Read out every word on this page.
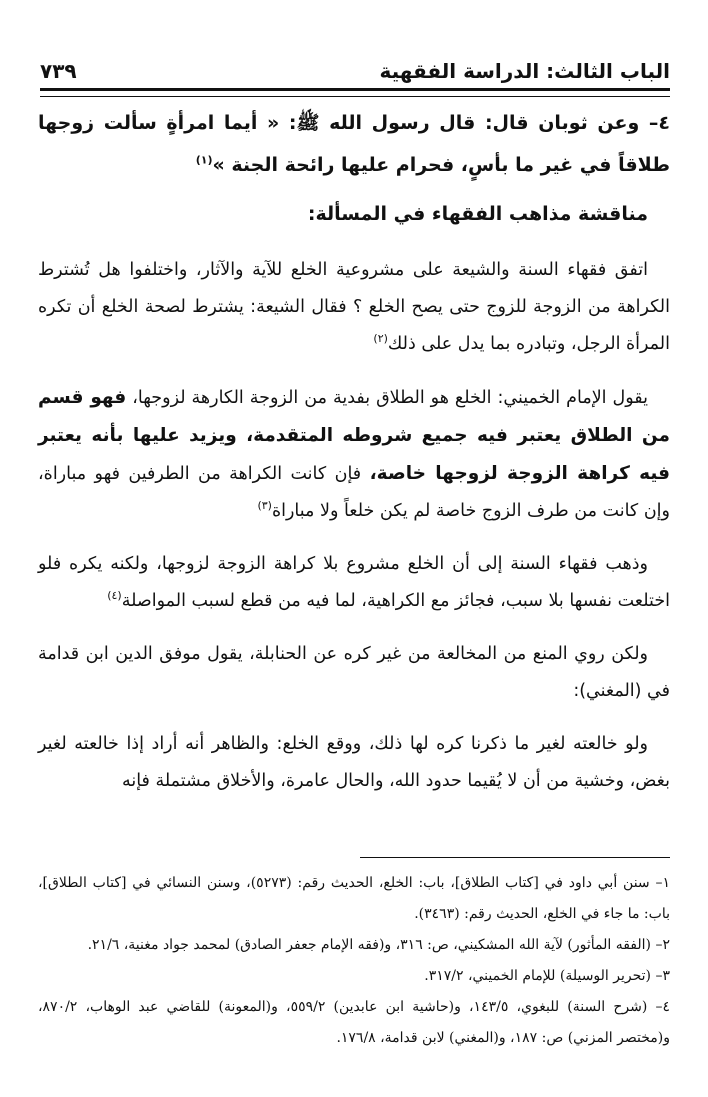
الباب الثالث: الدراسة الفقهية
٧٣٩

٤– وعن ثوبان قال: قال رسول الله ﷺ: « أيما امرأةٍ سألت زوجها طلاقاً في غير ما بأسٍ، فحرام عليها رائحة الجنة »$^{(١)}$

مناقشة مذاهب الفقهاء في المسألة:

اتفق فقهاء السنة والشيعة على مشروعية الخلع للآية والآثار، واختلفوا هل تُشترط الكراهة من الزوجة للزوج حتى يصح الخلع ؟ فقال الشيعة: يشترط لصحة الخلع أن تكره المرأة الرجل، وتبادره بما يدل على ذلك$^{(٢)}$

يقول الإمام الخميني: الخلع هو الطلاق بفدية من الزوجة الكارهة لزوجها، فهو قسم من الطلاق يعتبر فيه جميع شروطه المتقدمة، ويزيد عليها بأنه يعتبر فيه كراهة الزوجة لزوجها خاصة، فإن كانت الكراهة من الطرفين فهو مباراة، وإن كانت من طرف الزوج خاصة لم يكن خلعاً ولا مباراة$^{(٣)}$

وذهب فقهاء السنة إلى أن الخلع مشروع بلا كراهة الزوجة لزوجها، ولكنه يكره فلو اختلعت نفسها بلا سبب، فجائز مع الكراهية، لما فيه من قطع لسبب المواصلة$^{(٤)}$

ولكن روي المنع من المخالعة من غير كره عن الحنابلة، يقول موفق الدين ابن قدامة في (المغني):

ولو خالعته لغير ما ذكرنا كره لها ذلك، ووقع الخلع: والظاهر أنه أراد إذا خالعته لغير بغض، وخشية من أن لا يُقيما حدود الله، والحال عامرة، والأخلاق مشتملة فإنه

١– سنن أبي داود في [كتاب الطلاق]، باب: الخلع، الحديث رقم: (٥٢٧٣)، وسنن النسائي في [كتاب الطلاق]، باب: ما جاء في الخلع، الحديث رقم: (٣٤٦٣).

٢– (الفقه المأثور) لآية الله المشكيني، ص: ٣١٦، و(فقه الإمام جعفر الصادق) لمحمد جواد مغنية، ٢١/٦.

٣– (تحرير الوسيلة) للإمام الخميني، ٣١٧/٢.

٤– (شرح السنة) للبغوي، ١٤٣/٥، و(حاشية ابن عابدين) ٥٥٩/٢، و(المعونة) للقاضي عبد الوهاب، ٨٧٠/٢، و(مختصر المزني) ص: ١٨٧، و(المغني) لابن قدامة، ١٧٦/٨.
